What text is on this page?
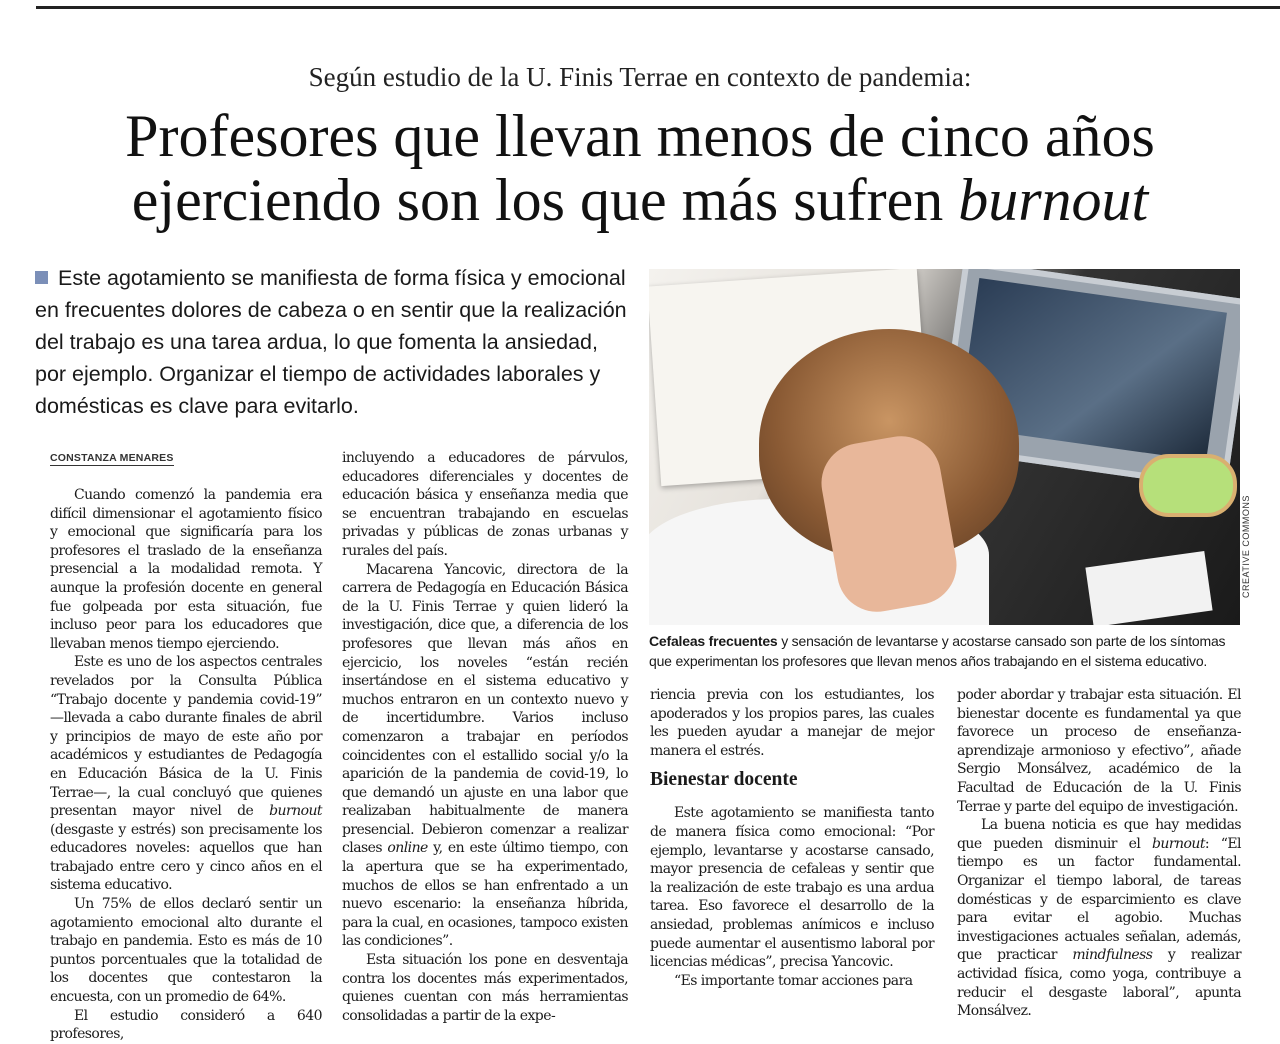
Según estudio de la U. Finis Terrae en contexto de pandemia:
Profesores que llevan menos de cinco años
ejerciendo son los que más sufren burnout
Este agotamiento se manifiesta de forma física y emocional en frecuentes dolores de cabeza o en sentir que la realización del trabajo es una tarea ardua, lo que fomenta la ansiedad, por ejemplo. Organizar el tiempo de actividades laborales y domésticas es clave para evitarlo.
CREATIVE COMMONS
Cefaleas frecuentes y sensación de levantarse y acostarse cansado son parte de los síntomas que experimentan los profesores que llevan menos años trabajando en el sistema educativo.
CONSTANZA MENARES

Cuando comenzó la pandemia era difícil dimensionar el agotamiento físico y emocional que significaría para los profesores el traslado de la enseñanza presencial a la modalidad remota. Y aunque la profesión docente en general fue golpeada por esta situación, fue incluso peor para los educadores que llevaban menos tiempo ejerciendo.

Este es uno de los aspectos centrales revelados por la Consulta Pública “Trabajo docente y pandemia covid-19” —llevada a cabo durante finales de abril y principios de mayo de este año por académicos y estudiantes de Pedagogía en Educación Básica de la U. Finis Terrae—, la cual concluyó que quienes presentan mayor nivel de burnout (desgaste y estrés) son precisamente los educadores noveles: aquellos que han trabajado entre cero y cinco años en el sistema educativo.

Un 75% de ellos declaró sentir un agotamiento emocional alto durante el trabajo en pandemia. Esto es más de 10 puntos porcentuales que la totalidad de los docentes que contestaron la encuesta, con un promedio de 64%.

El estudio consideró a 640 profesores,

incluyendo a educadores de párvulos, educadores diferenciales y docentes de educación básica y enseñanza media que se encuentran trabajando en escuelas privadas y públicas de zonas urbanas y rurales del país.

Macarena Yancovic, directora de la carrera de Pedagogía en Educación Básica de la U. Finis Terrae y quien lideró la investigación, dice que, a diferencia de los profesores que llevan más años en ejercicio, los noveles “están recién insertándose en el sistema educativo y muchos entraron en un contexto nuevo y de incertidumbre. Varios incluso comenzaron a trabajar en períodos coincidentes con el estallido social y/o la aparición de la pandemia de covid-19, lo que demandó un ajuste en una labor que realizaban habitualmente de manera presencial. Debieron comenzar a realizar clases online y, en este último tiempo, con la apertura que se ha experimentado, muchos de ellos se han enfrentado a un nuevo escenario: la enseñanza híbrida, para la cual, en ocasiones, tampoco existen las condiciones”.

Esta situación los pone en desventaja contra los docentes más experimentados, quienes cuentan con más herramientas consolidadas a partir de la expe-

riencia previa con los estudiantes, los apoderados y los propios pares, las cuales les pueden ayudar a manejar de mejor manera el estrés.

Bienestar docente

Este agotamiento se manifiesta tanto de manera física como emocional: “Por ejemplo, levantarse y acostarse cansado, mayor presencia de cefaleas y sentir que la realización de este trabajo es una ardua tarea. Eso favorece el desarrollo de la ansiedad, problemas anímicos e incluso puede aumentar el ausentismo laboral por licencias médicas”, precisa Yancovic.

“Es importante tomar acciones para

poder abordar y trabajar esta situación. El bienestar docente es fundamental ya que favorece un proceso de enseñanza-aprendizaje armonioso y efectivo”, añade Sergio Monsálvez, académico de la Facultad de Educación de la U. Finis Terrae y parte del equipo de investigación.

La buena noticia es que hay medidas que pueden disminuir el burnout: “El tiempo es un factor fundamental. Organizar el tiempo laboral, de tareas domésticas y de esparcimiento es clave para evitar el agobio. Muchas investigaciones actuales señalan, además, que practicar mindfulness y realizar actividad física, como yoga, contribuye a reducir el desgaste laboral”, apunta Monsálvez.
